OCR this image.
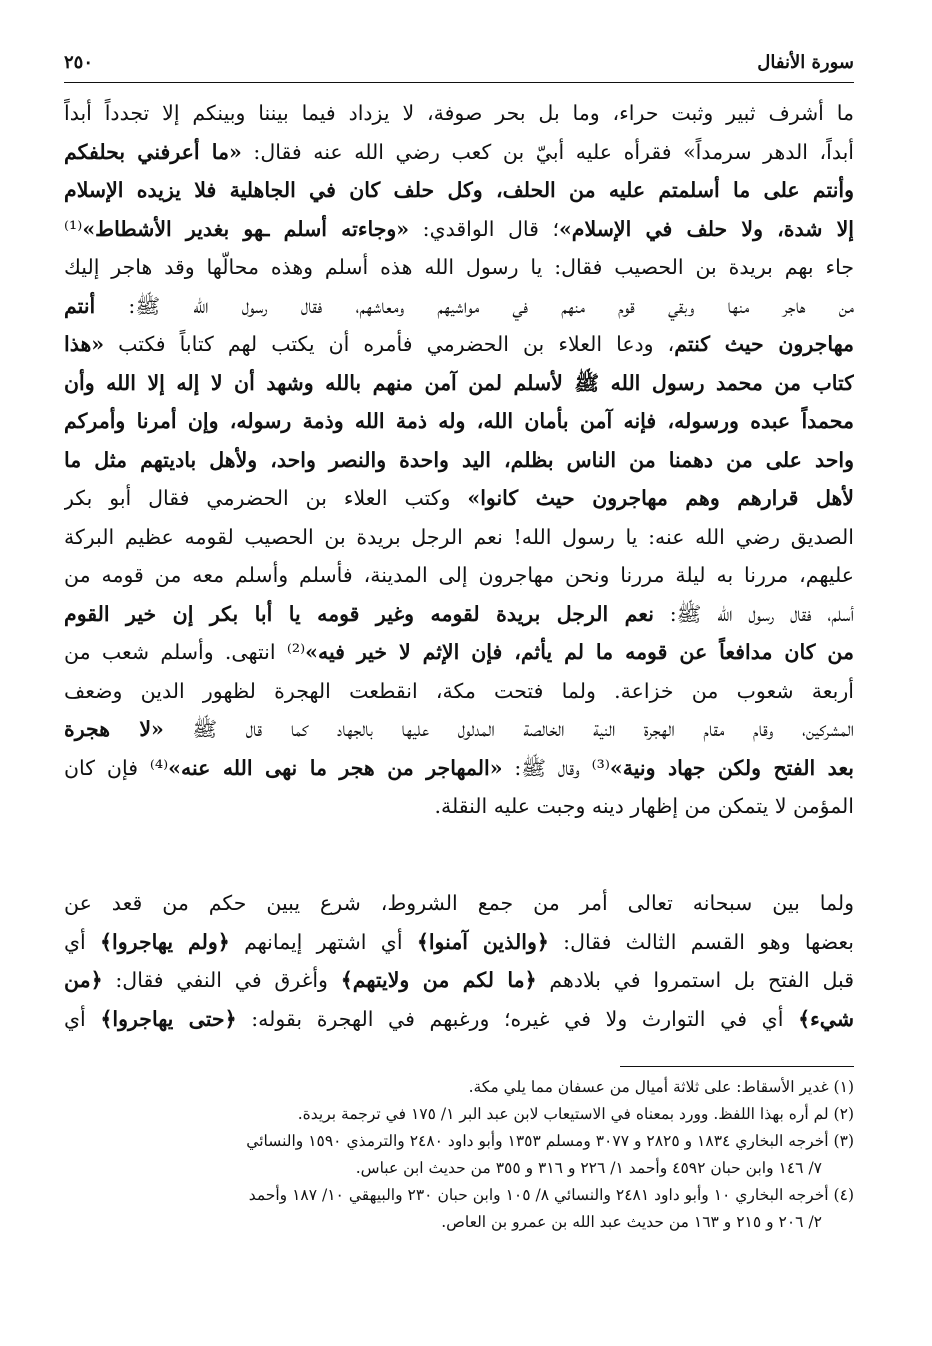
سورة الأنفال
٢٥٠
ما أشرف ثبير وثبت حراء، وما بل بحر صوفة، لا يزداد فيما بيننا وبينكم إلا تجدداً أبداً
أبداً، الدهر سرمداً» فقرأه عليه أبيّ بن كعب رضي الله عنه فقال: «ما أعرفني بحلفكم
وأنتم على ما أسلمتم عليه من الحلف، وكل حلف كان في الجاهلية فلا يزيده الإسلام
إلا شدة، ولا حلف في الإسلام»؛ قال الواقدي: «وجاءته أسلم ـهو بغدير الأشطاط»⁽¹⁾
جاء بهم بريدة بن الحصيب فقال: يا رسول الله هذه أسلم وهذه محالّها وقد هاجر إليك
من هاجر منها وبقي قوم منهم في مواشيهم ومعاشهم، فقال رسول الله ﷺ: أنتم
مهاجرون حيث كنتم، ودعا العلاء بن الحضرمي فأمره أن يكتب لهم كتاباً فكتب «هذا
كتاب من محمد رسول الله ﷺ لأسلم لمن آمن منهم بالله وشهد أن لا إله إلا الله وأن
محمداً عبده ورسوله، فإنه آمن بأمان الله، وله ذمة الله وذمة رسوله، وإن أمرنا وأمركم
واحد على من دهمنا من الناس بظلم، اليد واحدة والنصر واحد، ولأهل باديتهم مثل ما
لأهل قرارهم وهم مهاجرون حيث كانوا» وكتب العلاء بن الحضرمي فقال أبو بكر
الصديق رضي الله عنه: يا رسول الله! نعم الرجل بريدة بن الحصيب لقومه عظيم البركة
عليهم، مررنا به ليلة مررنا ونحن مهاجرون إلى المدينة، فأسلم وأسلم معه من قومه من
أسلم، فقال رسول الله ﷺ: نعم الرجل بريدة لقومه وغير قومه يا أبا بكر إن خير القوم
من كان مدافعاً عن قومه ما لم يأثم، فإن الإثم لا خير فيه»⁽²⁾ انتهى. وأسلم شعب من
أربعة شعوب من خزاعة. ولما فتحت مكة، انقطعت الهجرة لظهور الدين وضعف
المشركين، وقام مقام الهجرة النية الخالصة المدلول عليها بالجهاد كما قال ﷺ «لا هجرة
بعد الفتح ولكن جهاد ونية»⁽³⁾ وقال ﷺ: «المهاجر من هجر ما نهى الله عنه»⁽⁴⁾ فإن كان
المؤمن لا يتمكن من إظهار دينه وجبت عليه النقلة.
ولما بين سبحانه تعالى أمر من جمع الشروط، شرع يبين حكم من قعد عن
بعضها وهو القسم الثالث فقال: ﴿والذين آمنوا﴾ أي اشتهر إيمانهم ﴿ولم يهاجروا﴾ أي
قبل الفتح بل استمروا في بلادهم ﴿ما لكم من ولايتهم﴾ وأغرق في النفي فقال: ﴿من
شيء﴾ أي في التوارث ولا في غيره؛ ورغبهم في الهجرة بقوله: ﴿حتى يهاجروا﴾ أي
(١) غدير الأسقاط: على ثلاثة أميال من عسفان مما يلي مكة.
(٢) لم أره بهذا اللفظ. وورد بمعناه في الاستيعاب لابن عبد البر ١/ ١٧٥ في ترجمة بريدة.
(٣) أخرجه البخاري ١٨٣٤ و ٢٨٢٥ و ٣٠٧٧ ومسلم ١٣٥٣ وأبو داود ٢٤٨٠ والترمذي ١٥٩٠ والنسائي
٧/ ١٤٦ وابن حبان ٤٥٩٢ وأحمد ١/ ٢٢٦ و ٣١٦ و ٣٥٥ من حديث ابن عباس.
(٤) أخرجه البخاري ١٠ وأبو داود ٢٤٨١ والنسائي ٨/ ١٠٥ وابن حبان ٢٣٠ والبيهقي ١٠/ ١٨٧ وأحمد
٢/ ٢٠٦ و ٢١٥ و ١٦٣ من حديث عبد الله بن عمرو بن العاص.
